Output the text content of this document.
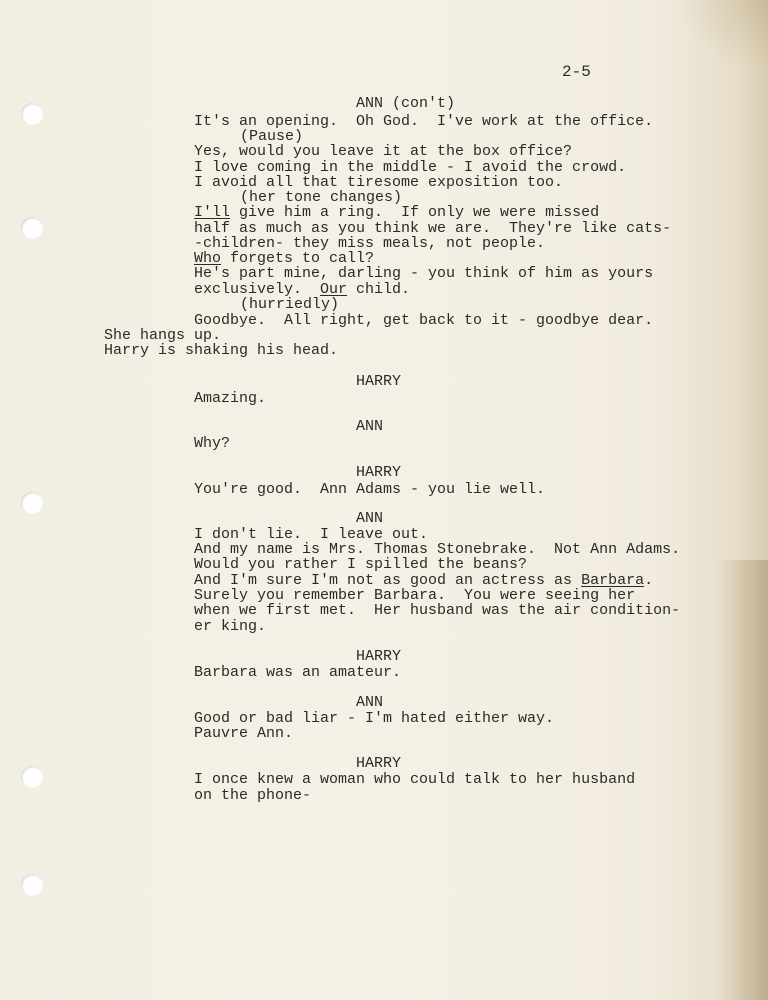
2-5
ANN (con't)
It's an opening.  Oh God.  I've work at the office.
(Pause)
Yes, would you leave it at the box office?
I love coming in the middle - I avoid the crowd.
I avoid all that tiresome exposition too.
(her tone changes)
I'll give him a ring.  If only we were missed
half as much as you think we are.  They're like cats-
-children- they miss meals, not people.
Who forgets to call?
He's part mine, darling - you think of him as yours
exclusively.  Our child.
(hurriedly)
Goodbye.  All right, get back to it - goodbye dear.
She hangs up.
Harry is shaking his head.
HARRY
Amazing.
ANN
Why?
HARRY
You're good.  Ann Adams - you lie well.
ANN
I don't lie.  I leave out.
And my name is Mrs. Thomas Stonebrake.  Not Ann Adams.
Would you rather I spilled the beans?
And I'm sure I'm not as good an actress as Barbara.
Surely you remember Barbara.  You were seeing her
when we first met.  Her husband was the air condition-
er king.
HARRY
Barbara was an amateur.
ANN
Good or bad liar - I'm hated either way.
Pauvre Ann.
HARRY
I once knew a woman who could talk to her husband
on the phone-
